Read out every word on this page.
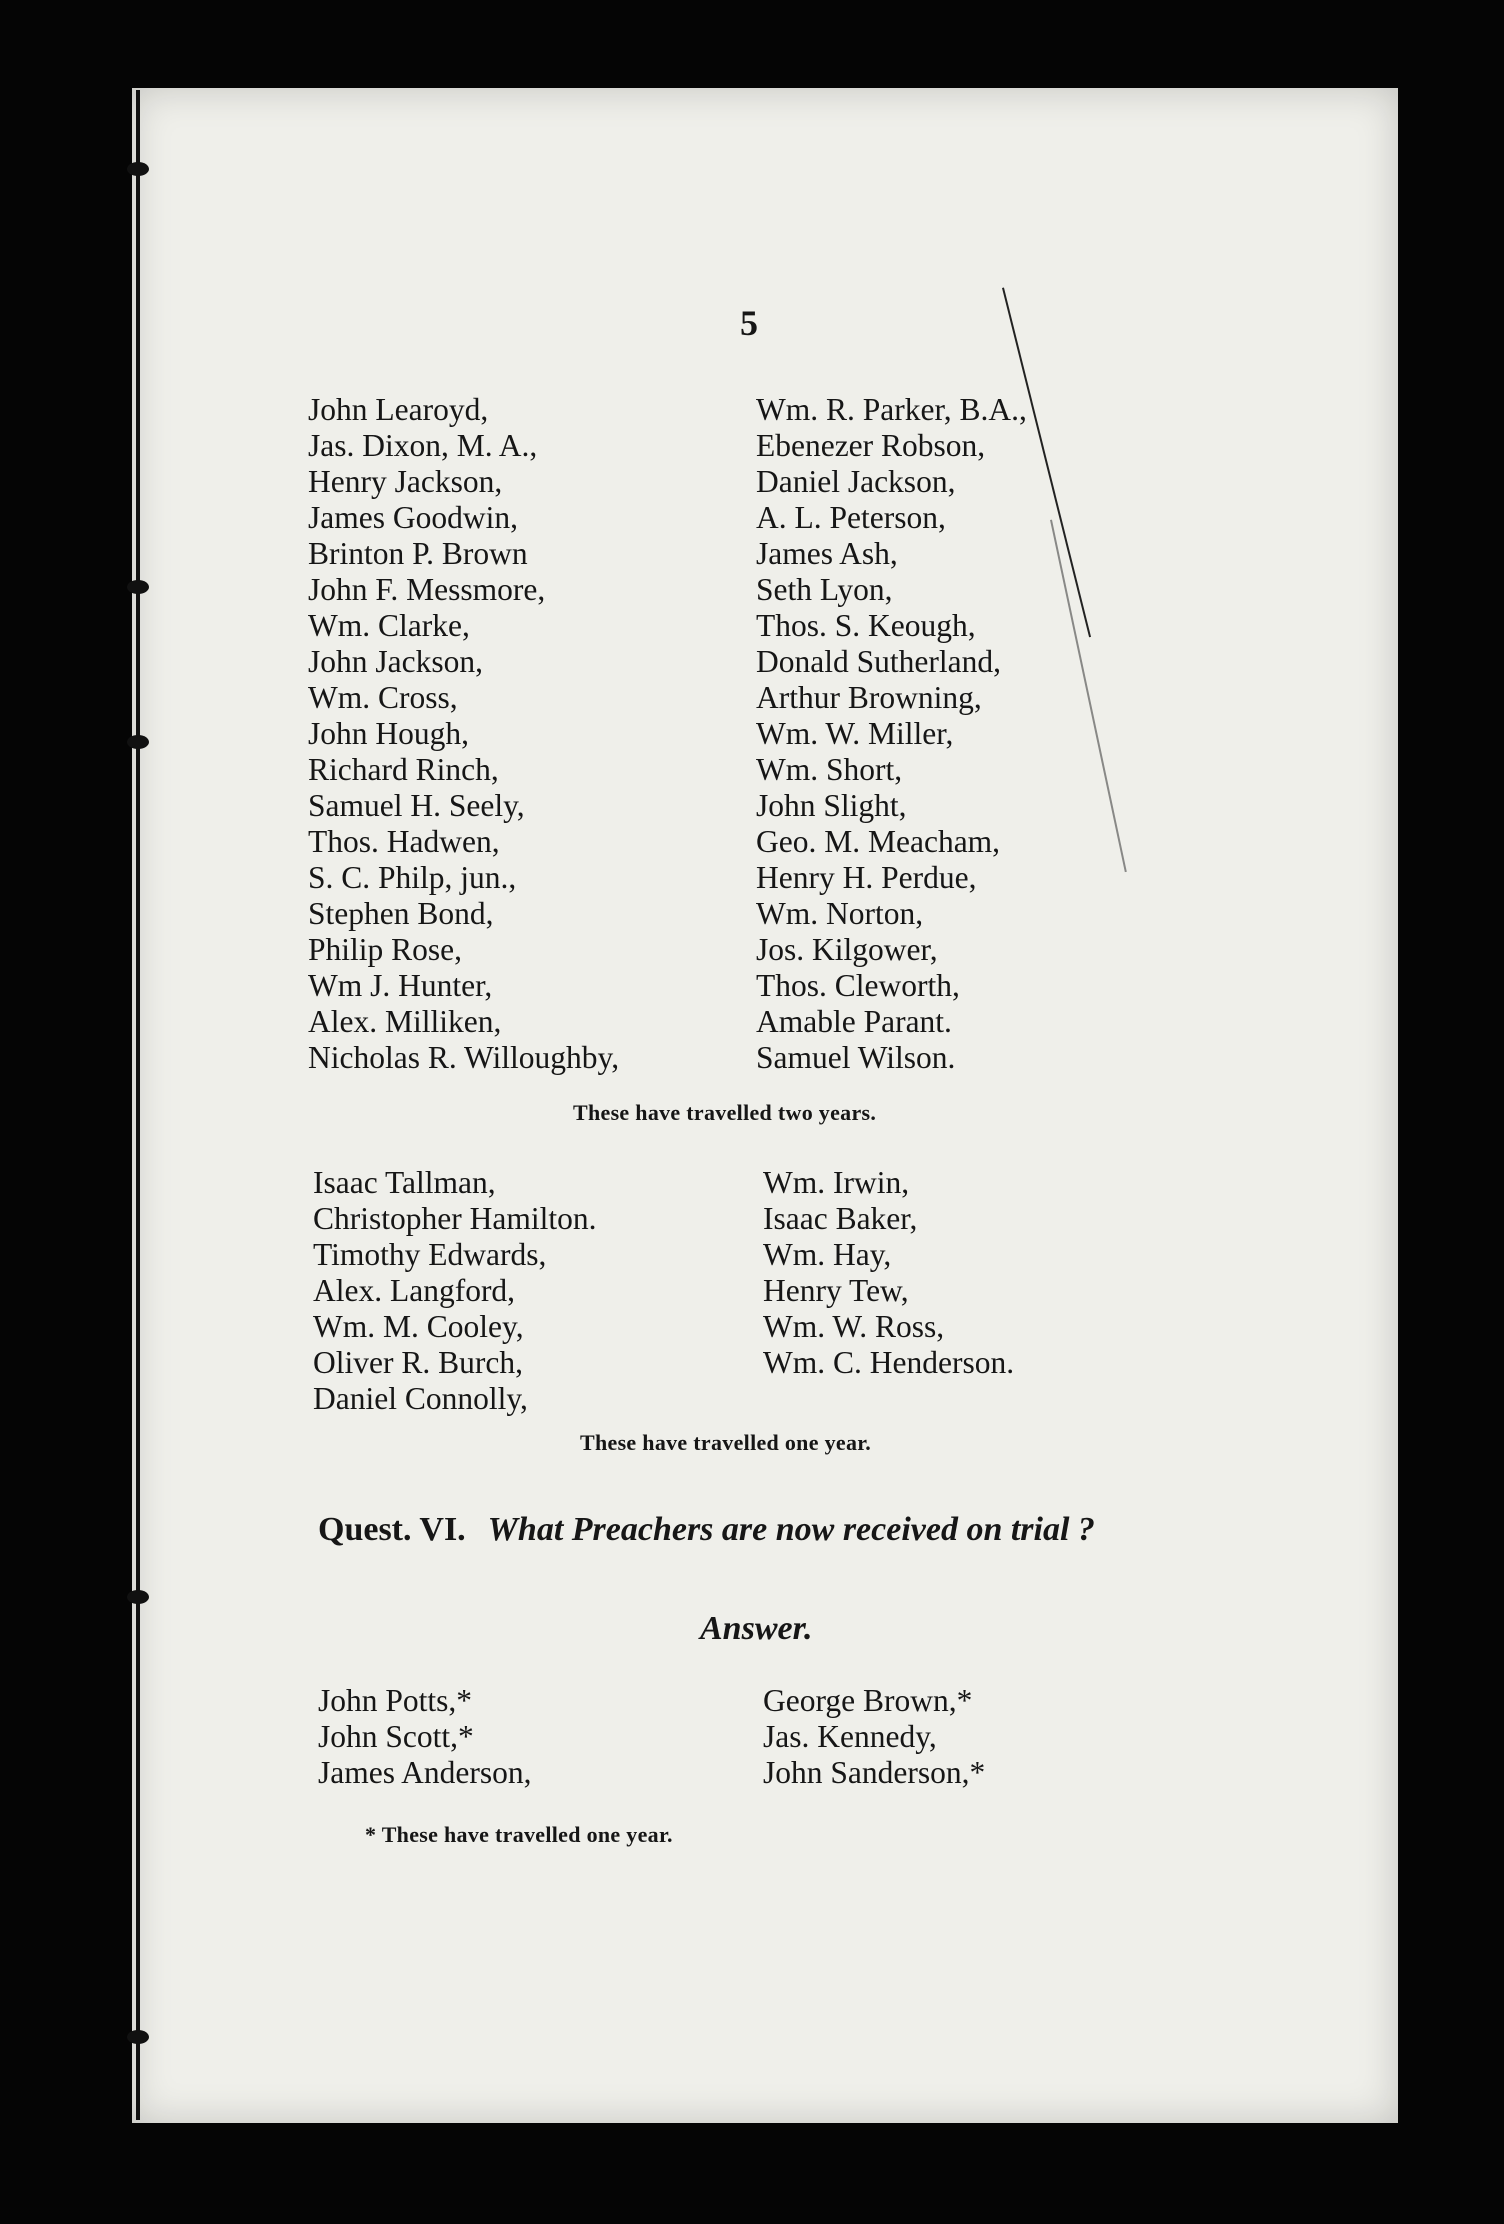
5
John Learoyd,
Jas. Dixon, M. A.,
Henry Jackson,
James Goodwin,
Brinton P. Brown
John F. Messmore,
Wm. Clarke,
John Jackson,
Wm. Cross,
John Hough,
Richard Rinch,
Samuel H. Seely,
Thos. Hadwen,
S. C. Philp, jun.,
Stephen Bond,
Philip Rose,
Wm J. Hunter,
Alex. Milliken,
Nicholas R. Willoughby,
Wm. R. Parker, B.A.,
Ebenezer Robson,
Daniel Jackson,
A. L. Peterson,
James Ash,
Seth Lyon,
Thos. S. Keough,
Donald Sutherland,
Arthur Browning,
Wm. W. Miller,
Wm. Short,
John Slight,
Geo. M. Meacham,
Henry H. Perdue,
Wm. Norton,
Jos. Kilgower,
Thos. Cleworth,
Amable Parant.
Samuel Wilson.
These have travelled two years.
Isaac Tallman,
Christopher Hamilton.
Timothy Edwards,
Alex. Langford,
Wm. M. Cooley,
Oliver R. Burch,
Daniel Connolly,
Wm. Irwin,
Isaac Baker,
Wm. Hay,
Henry Tew,
Wm. W. Ross,
Wm. C. Henderson.
These have travelled one year.
Quest. VI. What Preachers are now received on trial ?
Answer.
John Potts,*
John Scott,*
James Anderson,
George Brown,*
Jas. Kennedy,
John Sanderson,*
* These have travelled one year.
